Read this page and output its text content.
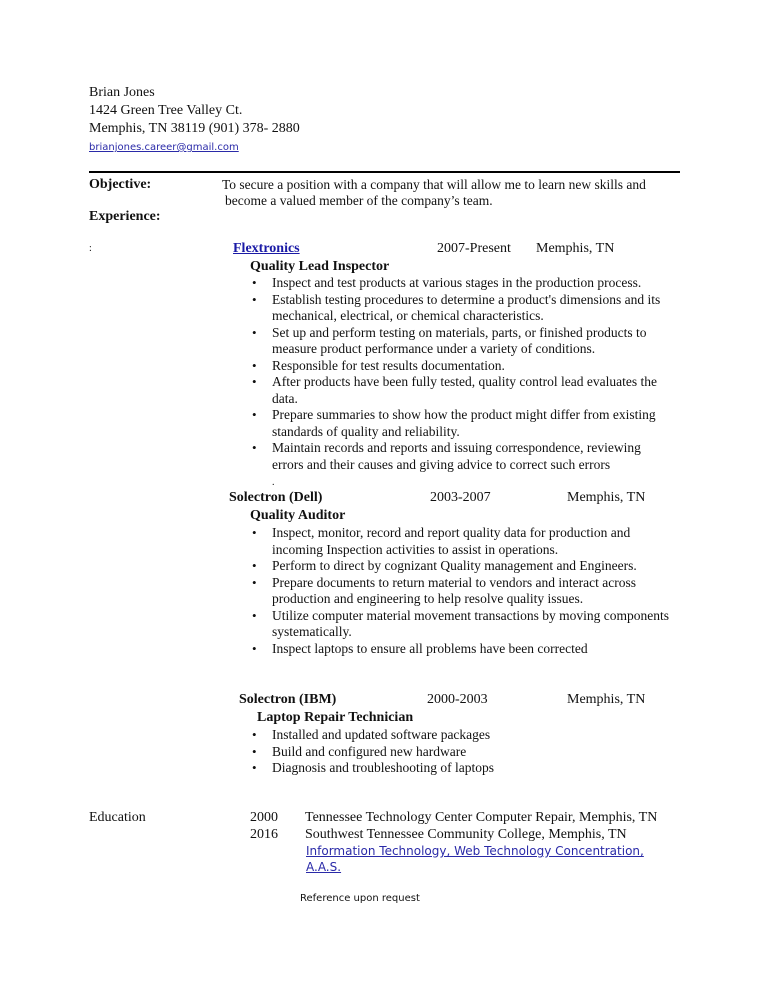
Brian Jones
1424 Green Tree Valley Ct.
Memphis, TN 38119 (901) 378- 2880
brianjones.career@gmail.com
Objective:	To secure a position with a company that will allow me to learn new skills and
become a valued member of the company’s team.
Experience:
:	Flextronics	2007-Present Memphis, TN
Quality Lead Inspector
• Inspect and test products at various stages in the production process.
• Establish testing procedures to determine a product's dimensions and its
mechanical, electrical, or chemical characteristics.
• Set up and perform testing on materials, parts, or finished products to
measure product performance under a variety of conditions.
• Responsible for test results documentation.
• After products have been fully tested, quality control lead evaluates the
data.
• Prepare summaries to show how the product might differ from existing
standards of quality and reliability.
• Maintain records and reports and issuing correspondence, reviewing
errors and their causes and giving advice to correct such errors
.
Solectron (Dell)	2003-2007	Memphis, TN
Quality Auditor
• Inspect, monitor, record and report quality data for production and
incoming Inspection activities to assist in operations.
• Perform to direct by cognizant Quality management and Engineers.
• Prepare documents to return material to vendors and interact across
production and engineering to help resolve quality issues.
• Utilize computer material movement transactions by moving components
systematically.
• Inspect laptops to ensure all problems have been corrected
Solectron (IBM)	2000-2003	Memphis, TN
Laptop Repair Technician
• Installed and updated software packages
• Build and configured new hardware
• Diagnosis and troubleshooting of laptops
Education	2000 Tennessee Technology Center Computer Repair, Memphis, TN
2016 Southwest Tennessee Community College, Memphis, TN
Information Technology, Web Technology Concentration,
A.A.S.
Reference upon request
